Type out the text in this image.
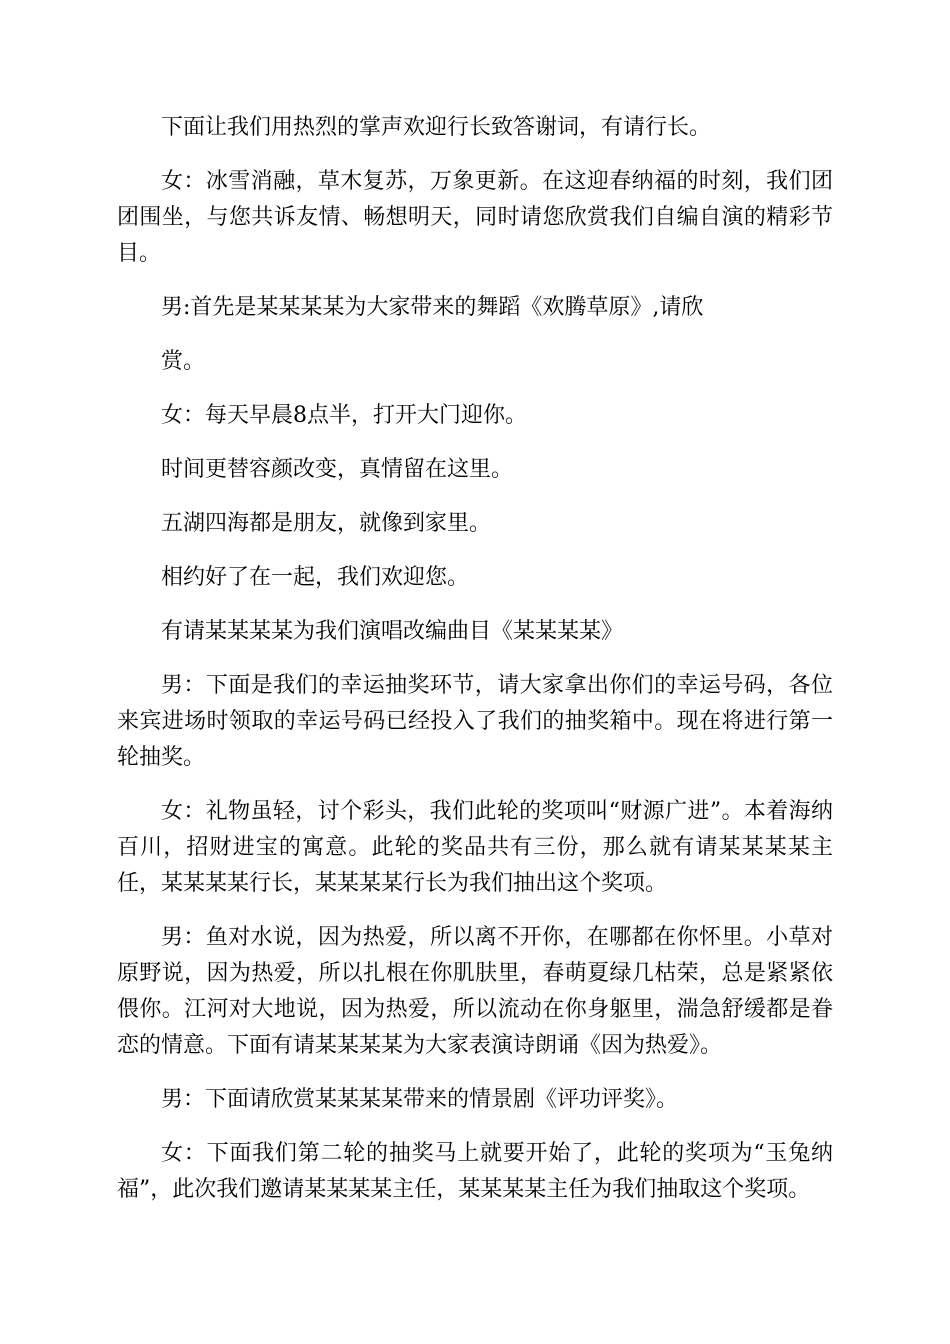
下面让我们用热烈的掌声欢迎行长致答谢词，有请行长。

女：冰雪消融，草木复苏，万象更新。在这迎春纳福的时刻，我们团团围坐，与您共诉友情、畅想明天，同时请您欣赏我们自编自演的精彩节目。

男:首先是某某某某为大家带来的舞蹈《欢腾草原》,请欣

赏。

女：每天早晨8点半，打开大门迎你。

时间更替容颜改变，真情留在这里。

五湖四海都是朋友，就像到家里。

相约好了在一起，我们欢迎您。

有请某某某某为我们演唱改编曲目《某某某某》

男：下面是我们的幸运抽奖环节，请大家拿出你们的幸运号码，各位来宾进场时领取的幸运号码已经投入了我们的抽奖箱中。现在将进行第一轮抽奖。

女：礼物虽轻，讨个彩头，我们此轮的奖项叫“财源广进”。本着海纳百川，招财进宝的寓意。此轮的奖品共有三份，那么就有请某某某某主任，某某某某行长，某某某某行长为我们抽出这个奖项。

男：鱼对水说，因为热爱，所以离不开你，在哪都在你怀里。小草对原野说，因为热爱，所以扎根在你肌肤里，春萌夏绿几枯荣，总是紧紧依偎你。江河对大地说，因为热爱，所以流动在你身躯里，湍急舒缓都是眷恋的情意。下面有请某某某某为大家表演诗朗诵《因为热爱》。

男：下面请欣赏某某某某带来的情景剧《评功评奖》。

女：下面我们第二轮的抽奖马上就要开始了，此轮的奖项为“玉兔纳福”，此次我们邀请某某某某主任，某某某某主任为我们抽取这个奖项。
